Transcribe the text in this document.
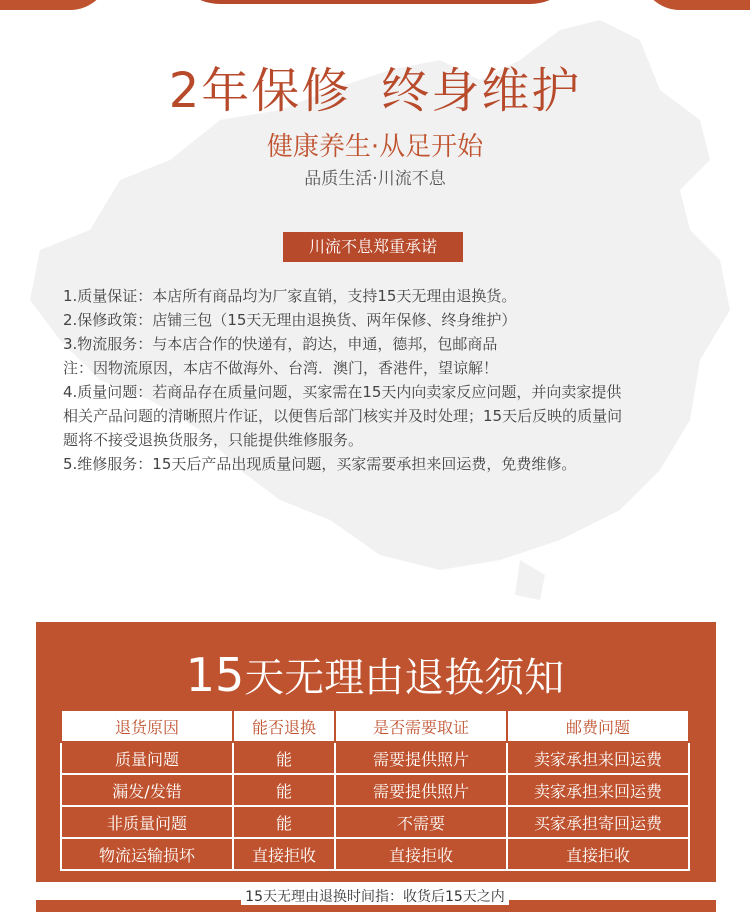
2年保修 终身维护
健康养生·从足开始
品质生活·川流不息
川流不息郑重承诺

1.质量保证：本店所有商品均为厂家直销，支持15天无理由退换货。

2.保修政策：店铺三包（15天无理由退换货、两年保修、终身维护）

3.物流服务：与本店合作的快递有，韵达，申通，德邦，包邮商品

注：因物流原因，本店不做海外、台湾．澳门，香港件，望谅解！

4.质量问题：若商品存在质量问题，买家需在15天内向卖家反应问题，并向卖家提供

相关产品问题的清晰照片作证，以便售后部门核实并及时处理；15天后反映的质量问

题将不接受退换货服务，只能提供维修服务。

5.维修服务：15天后产品出现质量问题，买家需要承担来回运费，免费维修。

15天无理由退换须知
退货原因	能否退换	是否需要取证	邮费问题
质量问题	能	需要提供照片	卖家承担来回运费
漏发/发错	能	需要提供照片	卖家承担来回运费
非质量问题	能	不需要	买家承担寄回运费
物流运输损坏	直接拒收	直接拒收	直接拒收
15天无理由退换时间指：收货后15天之内
